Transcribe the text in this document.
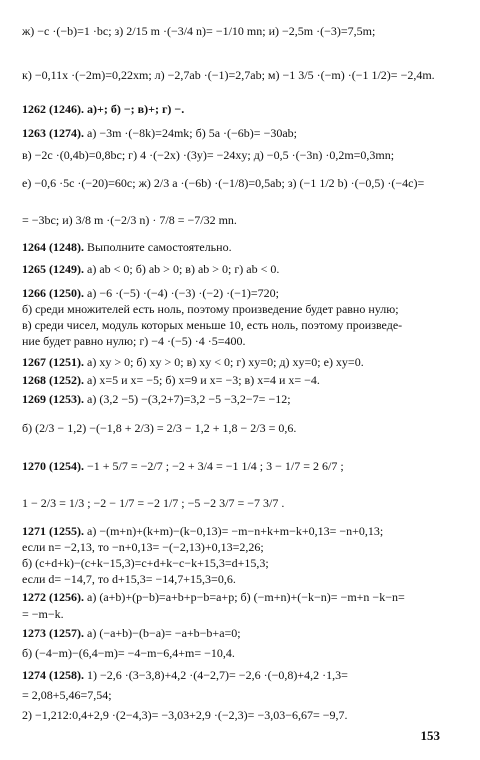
ж) −c ·(−b)=1 ·bc; з) 2/15 m ·(−3/4 n)= −1/10 mn; и) −2,5m ·(−3)=7,5m;
к) −0,11x ·(−2m)=0,22xm; л) −2,7ab ·(−1)=2,7ab; м) −1 3/5 ·(−m) ·(−1 1/2)= −2,4m.
1262 (1246). а)+; б) −; в)+; г) −.
1263 (1274). а) −3m ·(−8k)=24mk; б) 5a ·(−6b)= −30ab;
в) −2c ·(0,4b)=0,8bc; г) 4 ·(−2x) ·(3y)= −24xy; д) −0,5 ·(−3n) ·0,2m=0,3mn;
е) −0,6 ·5c ·(−20)=60c; ж) 2/3 a ·(−6b) ·(−1/8)=0,5ab; з) (−1 1/2 b) ·(−0,5) ·(−4c)=
= −3bc; и) 3/8 m ·(−2/3 n) · 7/8 = −7/32 mn.
1264 (1248). Выполните самостоятельно.
1265 (1249). а) ab < 0; б) ab > 0; в) ab > 0; г) ab < 0.
1266 (1250). а) −6 ·(−5) ·(−4) ·(−3) ·(−2) ·(−1)=720;
б) среди множителей есть ноль, поэтому произведение будет равно нулю;
в) среди чисел, модуль которых меньше 10, есть ноль, поэтому произведе-
ние будет равно нулю; г) −4 ·(−5) ·4 ·5=400.
1267 (1251). а) xy > 0; б) xy > 0; в) xy < 0; г) xy=0; д) xy=0; е) xy=0.
1268 (1252). а) x=5 и x= −5; б) x=9 и x= −3; в) x=4 и x= −4.
1269 (1253). а) (3,2 −5) −(3,2+7)=3,2 −5 −3,2−7= −12;
б) (2/3 − 1,2) −(−1,8 + 2/3) = 2/3 − 1,2 + 1,8 − 2/3 = 0,6.
1270 (1254). −1 + 5/7 = −2/7 ; −2 + 3/4 = −1 1/4 ; 3 − 1/7 = 2 6/7 ;
1 − 2/3 = 1/3 ; −2 − 1/7 = −2 1/7 ; −5 −2 3/7 = −7 3/7 .
1271 (1255). а) −(m+n)+(k+m)−(k−0,13)= −m−n+k+m−k+0,13= −n+0,13;
если n= −2,13, то −n+0,13= −(−2,13)+0,13=2,26;
б) (c+d+k)−(c+k−15,3)=c+d+k−c−k+15,3=d+15,3;
если d= −14,7, то d+15,3= −14,7+15,3=0,6.
1272 (1256). а) (a+b)+(p−b)=a+b+p−b=a+p; б) (−m+n)+(−k−n)= −m+n −k−n=
= −m−k.
1273 (1257). а) (−a+b)−(b−a)= −a+b−b+a=0;
б) (−4−m)−(6,4−m)= −4−m−6,4+m= −10,4.
1274 (1258). 1) −2,6 ·(3−3,8)+4,2 ·(4−2,7)= −2,6 ·(−0,8)+4,2 ·1,3=
= 2,08+5,46=7,54;
2) −1,212:0,4+2,9 ·(2−4,3)= −3,03+2,9 ·(−2,3)= −3,03−6,67= −9,7.
153
